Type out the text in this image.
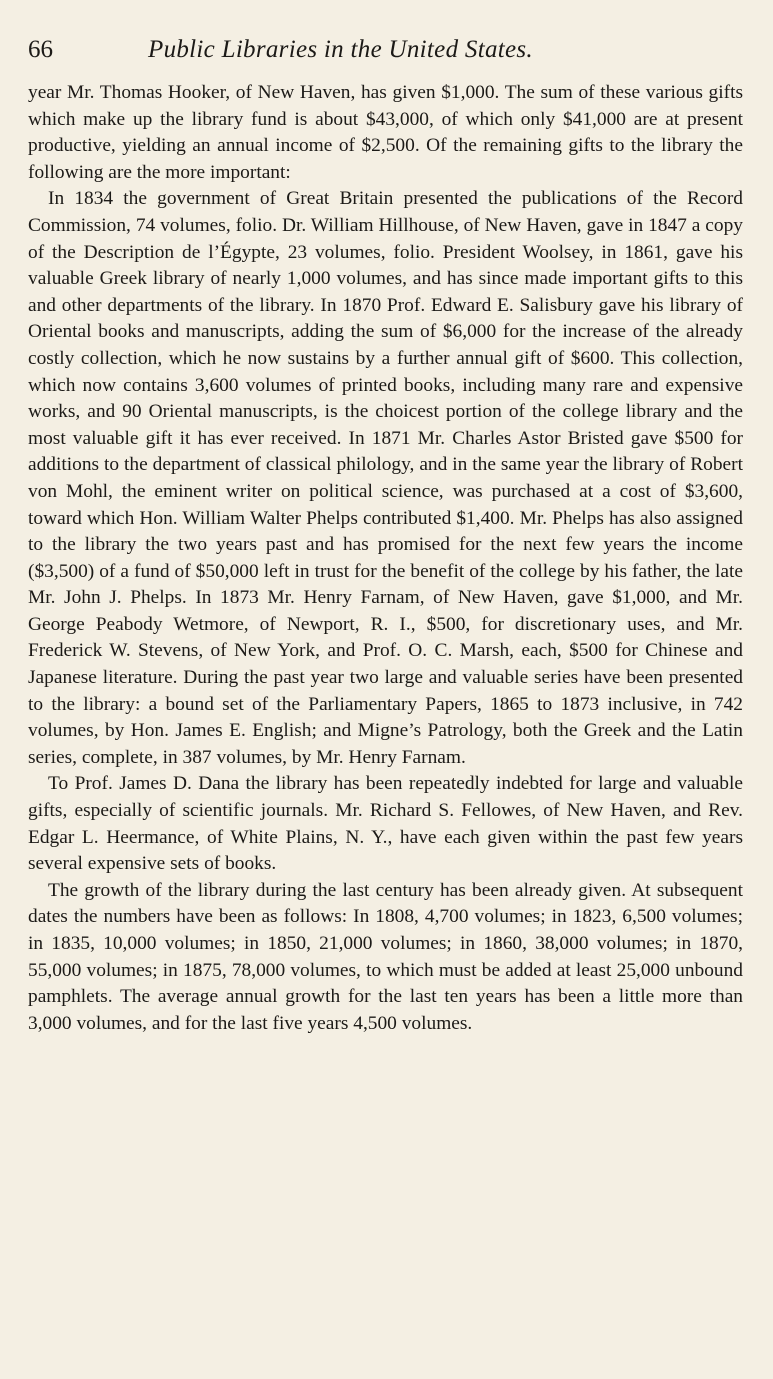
66	Public Libraries in the United States.

year Mr. Thomas Hooker, of New Haven, has given $1,000. The sum of these various gifts which make up the library fund is about $43,000, of which only $41,000 are at present productive, yielding an annual income of $2,500. Of the remaining gifts to the library the following are the more important:

In 1834 the government of Great Britain presented the publications of the Record Commission, 74 volumes, folio. Dr. William Hillhouse, of New Haven, gave in 1847 a copy of the Description de l’Égypte, 23 volumes, folio. President Woolsey, in 1861, gave his valuable Greek library of nearly 1,000 volumes, and has since made important gifts to this and other departments of the library. In 1870 Prof. Edward E. Salisbury gave his library of Oriental books and manuscripts, adding the sum of $6,000 for the increase of the already costly collection, which he now sustains by a further annual gift of $600. This collection, which now contains 3,600 volumes of printed books, including many rare and expensive works, and 90 Oriental manuscripts, is the choicest portion of the college library and the most valuable gift it has ever received. In 1871 Mr. Charles Astor Bristed gave $500 for additions to the department of classical philology, and in the same year the library of Robert von Mohl, the eminent writer on political science, was purchased at a cost of $3,600, toward which Hon. William Walter Phelps contributed $1,400. Mr. Phelps has also assigned to the library the two years past and has promised for the next few years the income ($3,500) of a fund of $50,000 left in trust for the benefit of the college by his father, the late Mr. John J. Phelps. In 1873 Mr. Henry Farnam, of New Haven, gave $1,000, and Mr. George Peabody Wetmore, of Newport, R. I., $500, for discretionary uses, and Mr. Frederick W. Stevens, of New York, and Prof. O. C. Marsh, each, $500 for Chinese and Japanese literature. During the past year two large and valuable series have been presented to the library: a bound set of the Parliamentary Papers, 1865 to 1873 inclusive, in 742 volumes, by Hon. James E. English; and Migne’s Patrology, both the Greek and the Latin series, complete, in 387 volumes, by Mr. Henry Farnam.

To Prof. James D. Dana the library has been repeatedly indebted for large and valuable gifts, especially of scientific journals. Mr. Richard S. Fellowes, of New Haven, and Rev. Edgar L. Heermance, of White Plains, N. Y., have each given within the past few years several expensive sets of books.

The growth of the library during the last century has been already given. At subsequent dates the numbers have been as follows: In 1808, 4,700 volumes; in 1823, 6,500 volumes; in 1835, 10,000 volumes; in 1850, 21,000 volumes; in 1860, 38,000 volumes; in 1870, 55,000 volumes; in 1875, 78,000 volumes, to which must be added at least 25,000 unbound pamphlets. The average annual growth for the last ten years has been a little more than 3,000 volumes, and for the last five years 4,500 volumes.
